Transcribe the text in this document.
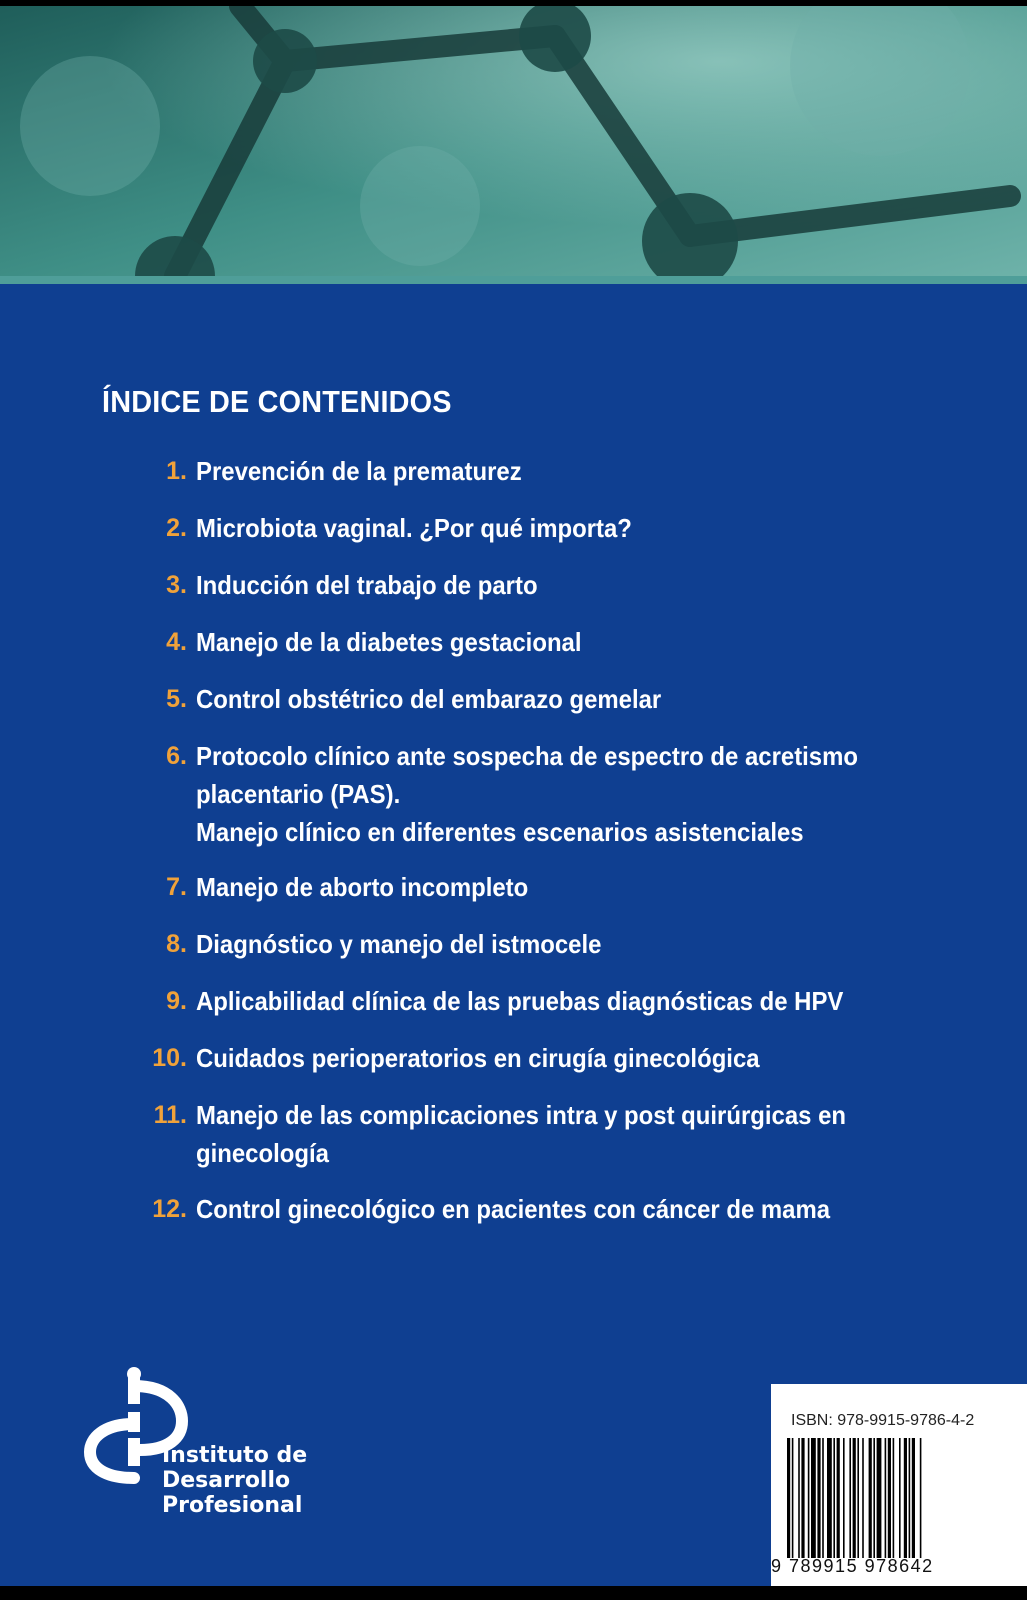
ÍNDICE DE CONTENIDOS
1. Prevención de la prematurez
2. Microbiota vaginal. ¿Por qué importa?
3. Inducción del trabajo de parto
4. Manejo de la diabetes gestacional
5. Control obstétrico del embarazo gemelar
6. Protocolo clínico ante sospecha de espectro de acretismo
placentario (PAS).
Manejo clínico en diferentes escenarios asistenciales
7. Manejo de aborto incompleto
8. Diagnóstico y manejo del istmocele
9. Aplicabilidad clínica de las pruebas diagnósticas de HPV
10. Cuidados perioperatorios en cirugía ginecológica
11. Manejo de las complicaciones intra y post quirúrgicas en
ginecología
12. Control ginecológico en pacientes con cáncer de mama
Instituto de
Desarrollo
Profesional
ISBN: 978-9915-9786-4-2
9 789915 978642
